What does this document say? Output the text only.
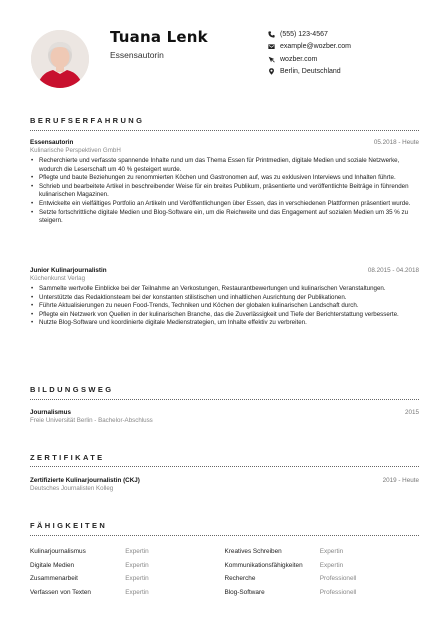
Tuana Lenk
Essensautorin
(555) 123-4567
example@wozber.com
wozber.com
Berlin, Deutschland
BERUFSERFAHRUNG
Essensautorin	05.2018 - Heute
Kulinarische Perspektiven GmbH
• Recherchierte und verfasste spannende Inhalte rund um das Thema Essen für Printmedien, digitale Medien und soziale Netzwerke, wodurch die Leserschaft um 40 % gesteigert wurde.
• Pflegte und baute Beziehungen zu renommierten Köchen und Gastronomen auf, was zu exklusiven Interviews und Inhalten führte.
• Schrieb und bearbeitete Artikel in beschreibender Weise für ein breites Publikum, präsentierte und veröffentlichte Beiträge in führenden kulinarischen Magazinen.
• Entwickelte ein vielfältiges Portfolio an Artikeln und Veröffentlichungen über Essen, das in verschiedenen Plattformen präsentiert wurde.
• Setzte fortschrittliche digitale Medien und Blog-Software ein, um die Reichweite und das Engagement auf sozialen Medien um 35 % zu steigern.
Junior Kulinarjournalistin	08.2015 - 04.2018
Küchenkunst Verlag
• Sammelte wertvolle Einblicke bei der Teilnahme an Verkostungen, Restaurantbewertungen und kulinarischen Veranstaltungen.
• Unterstützte das Redaktionsteam bei der konstanten stilistischen und inhaltlichen Ausrichtung der Publikationen.
• Führte Aktualisierungen zu neuen Food-Trends, Techniken und Köchen der globalen kulinarischen Landschaft durch.
• Pflegte ein Netzwerk von Quellen in der kulinarischen Branche, das die Zuverlässigkeit und Tiefe der Berichterstattung verbesserte.
• Nutzte Blog-Software und koordinierte digitale Medienstrategien, um Inhalte effektiv zu verbreiten.
BILDUNGSWEG
Journalismus	2015
Freie Universität Berlin - Bachelor-Abschluss
ZERTIFIKATE
Zertifizierte Kulinarjournalistin (CKJ)	2019 - Heute
Deutsches Journalisten Kolleg
FÄHIGKEITEN
Kulinarjournalismus	Expertin	Kreatives Schreiben	Expertin
Digitale Medien	Expertin	Kommunikationsfähigkeiten	Expertin
Zusammenarbeit	Expertin	Recherche	Professionell
Verfassen von Texten	Expertin	Blog-Software	Professionell
